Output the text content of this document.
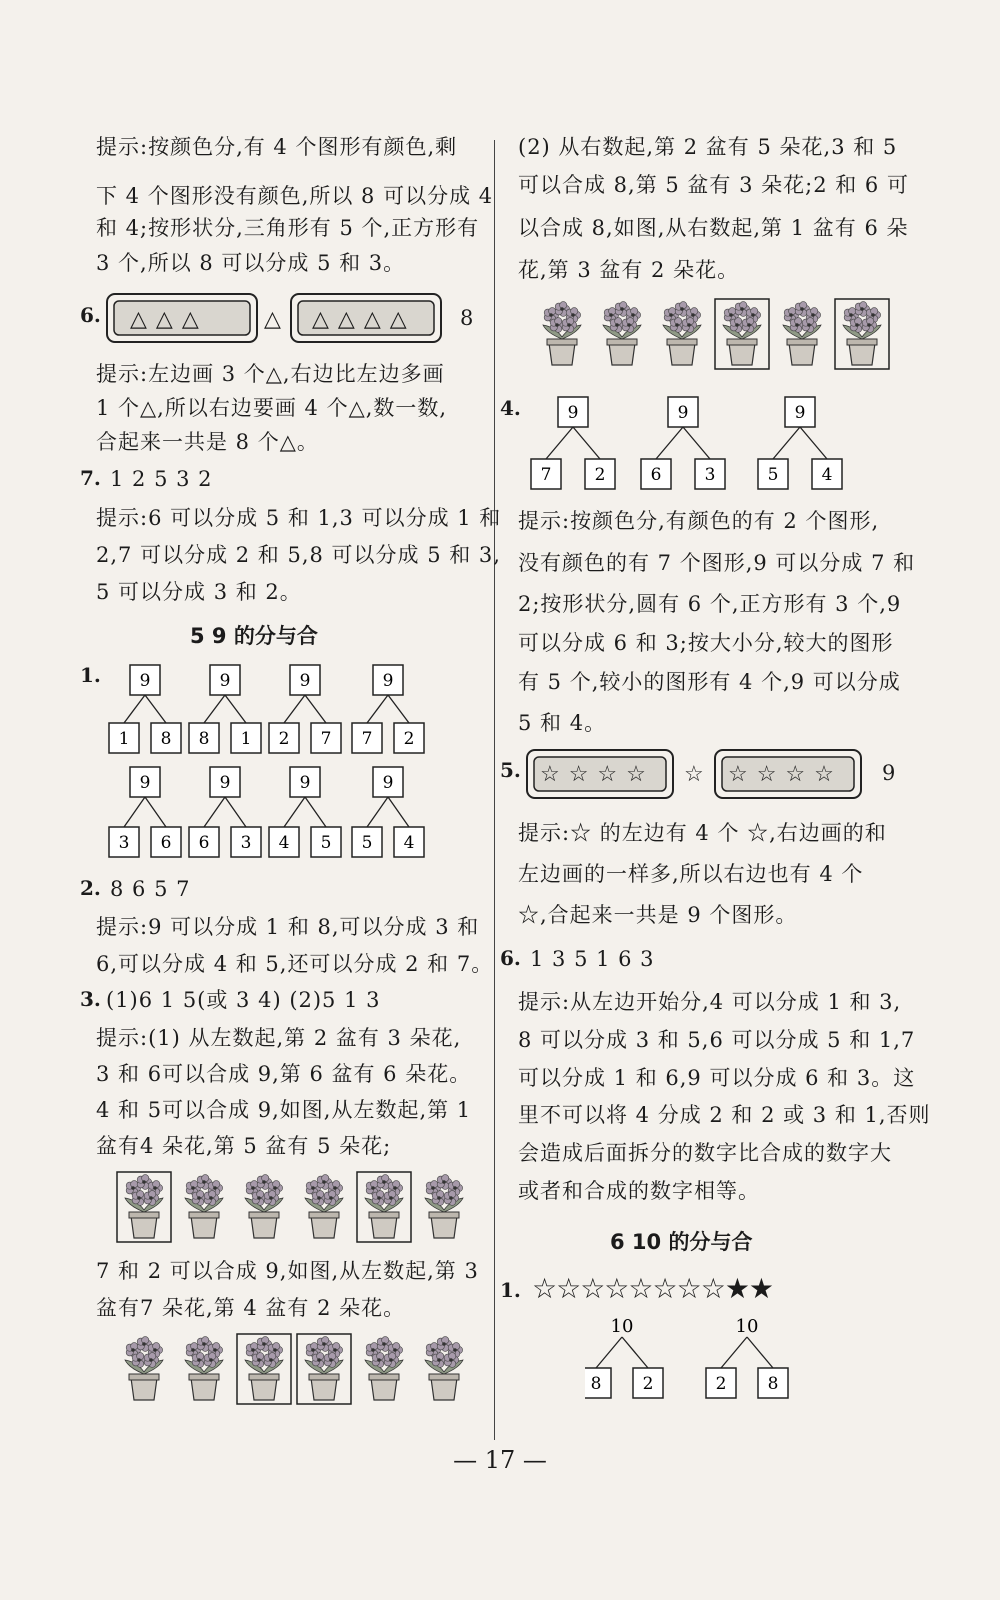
提示:按颜色分,有 4 个图形有颜色,剩
下 4 个图形没有颜色,所以 8 可以分成 4
和 4;按形状分,三角形有 5 个,正方形有
3 个,所以 8 可以分成 5 和 3。
6. △ △ △	△ △ △ △ △ 8
提示:左边画 3 个△,右边比左边多画
1 个△,所以右边要画 4 个△,数一数,
合起来一共是 8 个△。
7. 1 2 5 3 2
提示:6 可以分成 5 和 1,3 可以分成 1 和
2,7 可以分成 2 和 5,8 可以分成 5 和 3,
5 可以分成 3 和 2。
5 9 的分与合
1. 9
1 8
9
8 1
9
2 7
9
7 2
9
3 6
9
6 3
9
4 5
9
5 4
2. 8 6 5 7
提示:9 可以分成 1 和 8,可以分成 3 和
6,可以分成 4 和 5,还可以分成 2 和 7。
3. (1)6 1 5(或 3 4) (2)5 1 3
提示:(1) 从左数起,第 2 盆有 3 朵花,
3 和 6可以合成 9,第 6 盆有 6 朵花。
4 和 5可以合成 9,如图,从左数起,第 1
盆有4 朵花,第 5 盆有 5 朵花;
7 和 2 可以合成 9,如图,从左数起,第 3
盆有7 朵花,第 4 盆有 2 朵花。
(2) 从右数起,第 2 盆有 5 朵花,3 和 5
可以合成 8,第 5 盆有 3 朵花;2 和 6 可
以合成 8,如图,从右数起,第 1 盆有 6 朵
花,第 3 盆有 2 朵花。
4.	9
7	2
9
6	3
9
5	4
提示:按颜色分,有颜色的有 2 个图形,
没有颜色的有 7 个图形,9 可以分成 7 和
2;按形状分,圆有 6 个,正方形有 3 个,9
可以分成 6 和 3;按大小分,较大的图形
有 5 个,较小的图形有 4 个,9 可以分成
5 和 4。
5. ☆ ☆ ☆ ☆ ☆ ☆ ☆ ☆ ☆ 9
提示:☆ 的左边有 4 个 ☆,右边画的和
左边画的一样多,所以右边也有 4 个
☆,合起来一共是 9 个图形。
6. 1 3 5 1 6 3
提示:从左边开始分,4 可以分成 1 和 3,
8 可以分成 3 和 5,6 可以分成 5 和 1,7
可以分成 1 和 6,9 可以分成 6 和 3。这
里不可以将 4 分成 2 和 2 或 3 和 1,否则
会造成后面拆分的数字比合成的数字大
或者和合成的数字相等。
6 10 的分与合
1. ☆☆☆☆☆☆☆☆★★
10
8 2
10
2 8
— 17 —
